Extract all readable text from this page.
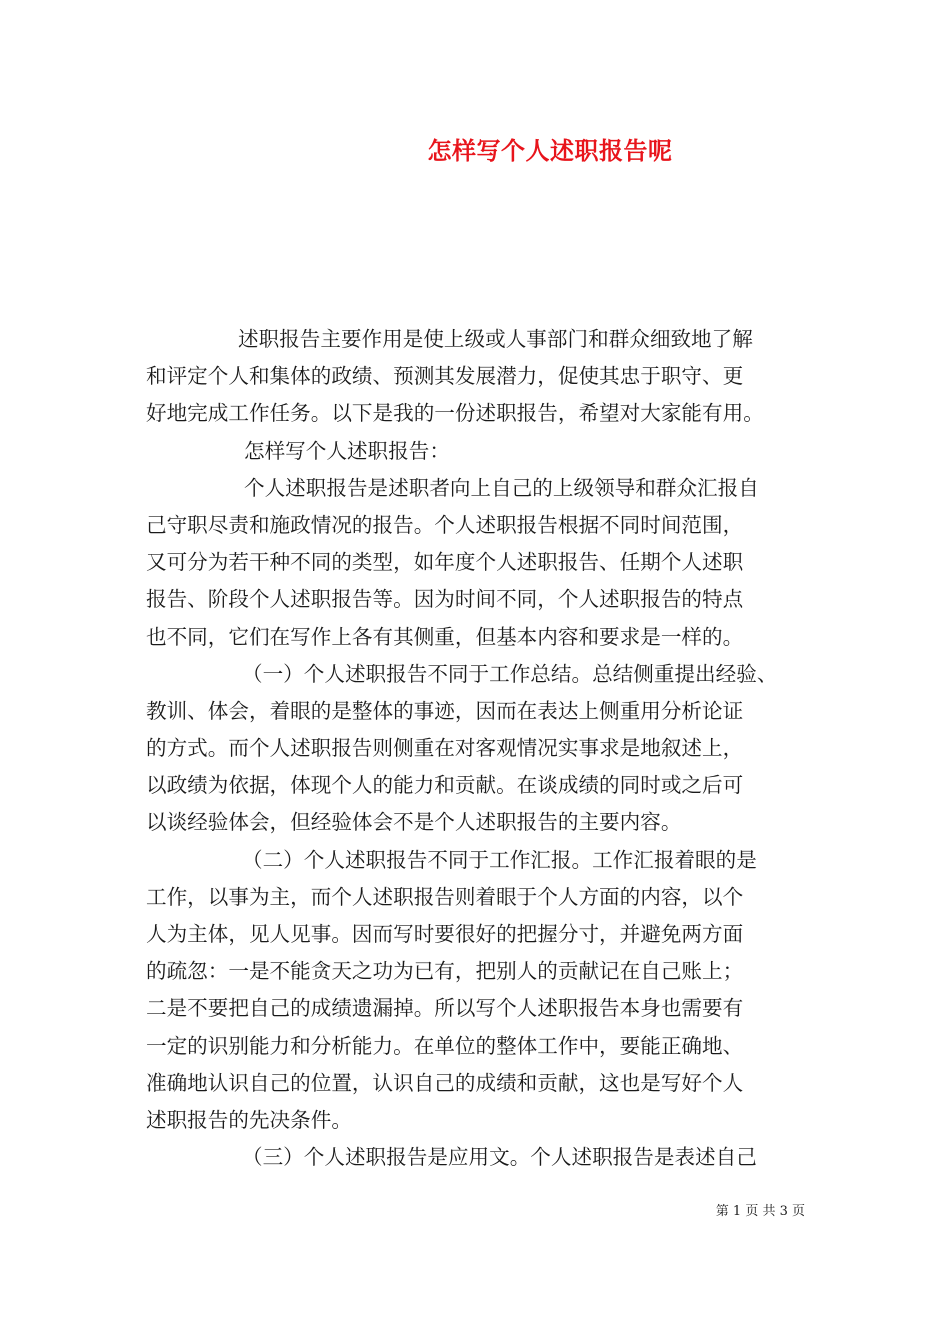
怎样写个人述职报告呢
述职报告主要作用是使上级或人事部门和群众细致地了解
和评定个人和集体的政绩、预测其发展潜力，促使其忠于职守、更
好地完成工作任务。以下是我的一份述职报告，希望对大家能有用。
怎样写个人述职报告：
个人述职报告是述职者向上自己的上级领导和群众汇报自
己守职尽责和施政情况的报告。个人述职报告根据不同时间范围，
又可分为若干种不同的类型，如年度个人述职报告、任期个人述职
报告、阶段个人述职报告等。因为时间不同，个人述职报告的特点
也不同，它们在写作上各有其侧重，但基本内容和要求是一样的。
（一）个人述职报告不同于工作总结。总结侧重提出经验、
教训、体会，着眼的是整体的事迹，因而在表达上侧重用分析论证
的方式。而个人述职报告则侧重在对客观情况实事求是地叙述上，
以政绩为依据，体现个人的能力和贡献。在谈成绩的同时或之后可
以谈经验体会，但经验体会不是个人述职报告的主要内容。
（二）个人述职报告不同于工作汇报。工作汇报着眼的是
工作，以事为主，而个人述职报告则着眼于个人方面的内容，以个
人为主体，见人见事。因而写时要很好的把握分寸，并避免两方面
的疏忽：一是不能贪天之功为已有，把别人的贡献记在自己账上；
二是不要把自己的成绩遗漏掉。所以写个人述职报告本身也需要有
一定的识别能力和分析能力。在单位的整体工作中，要能正确地、
准确地认识自己的位置，认识自己的成绩和贡献，这也是写好个人
述职报告的先决条件。
（三）个人述职报告是应用文。个人述职报告是表述自己
第 1 页 共 3 页
